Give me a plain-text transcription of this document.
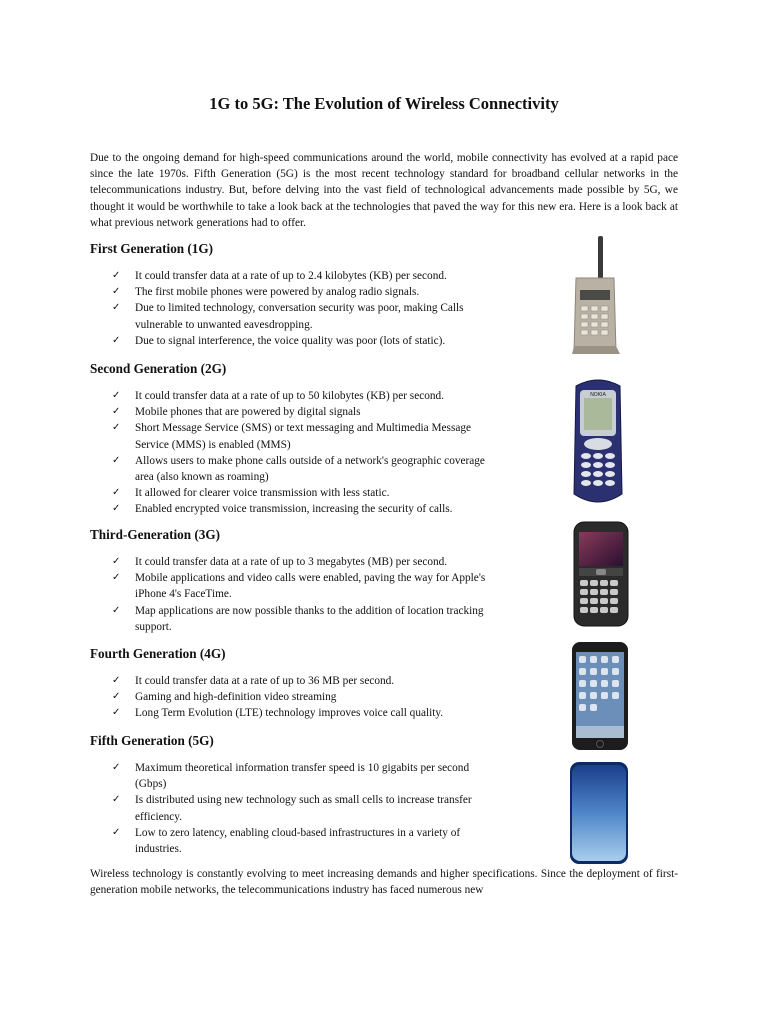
1G to 5G: The Evolution of Wireless Connectivity
Due to the ongoing demand for high-speed communications around the world, mobile connectivity has evolved at a rapid pace since the late 1970s. Fifth Generation (5G) is the most recent technology standard for broadband cellular networks in the telecommunications industry. But, before delving into the vast field of technological advancements made possible by 5G, we thought it would be worthwhile to take a look back at the technologies that paved the way for this new era. Here is a look back at what previous network generations had to offer.
First Generation (1G)
✓ It could transfer data at a rate of up to 2.4 kilobytes (KB) per second.
✓ The first mobile phones were powered by analog radio signals.
✓ Due to limited technology, conversation security was poor, making Calls vulnerable to unwanted eavesdropping.
✓ Due to signal interference, the voice quality was poor (lots of static).
Second Generation (2G)
✓ It could transfer data at a rate of up to 50 kilobytes (KB) per second.
✓ Mobile phones that are powered by digital signals
✓ Short Message Service (SMS) or text messaging and Multimedia Message Service (MMS) is enabled (MMS)
✓ Allows users to make phone calls outside of a network's geographic coverage area (also known as roaming)
✓ It allowed for clearer voice transmission with less static.
✓ Enabled encrypted voice transmission, increasing the security of calls.
Third-Generation (3G)
✓ It could transfer data at a rate of up to 3 megabytes (MB) per second.
✓ Mobile applications and video calls were enabled, paving the way for Apple's iPhone 4's FaceTime.
✓ Map applications are now possible thanks to the addition of location tracking support.
Fourth Generation (4G)
✓ It could transfer data at a rate of up to 36 MB per second.
✓ Gaming and high-definition video streaming
✓ Long Term Evolution (LTE) technology improves voice call quality.
Fifth Generation (5G)
✓ Maximum theoretical information transfer speed is 10 gigabits per second (Gbps)
✓ Is distributed using new technology such as small cells to increase transfer efficiency.
✓ Low to zero latency, enabling cloud-based infrastructures in a variety of industries.
Wireless technology is constantly evolving to meet increasing demands and higher specifications. Since the deployment of first-generation mobile networks, the telecommunications industry has faced numerous new
NOKIA
